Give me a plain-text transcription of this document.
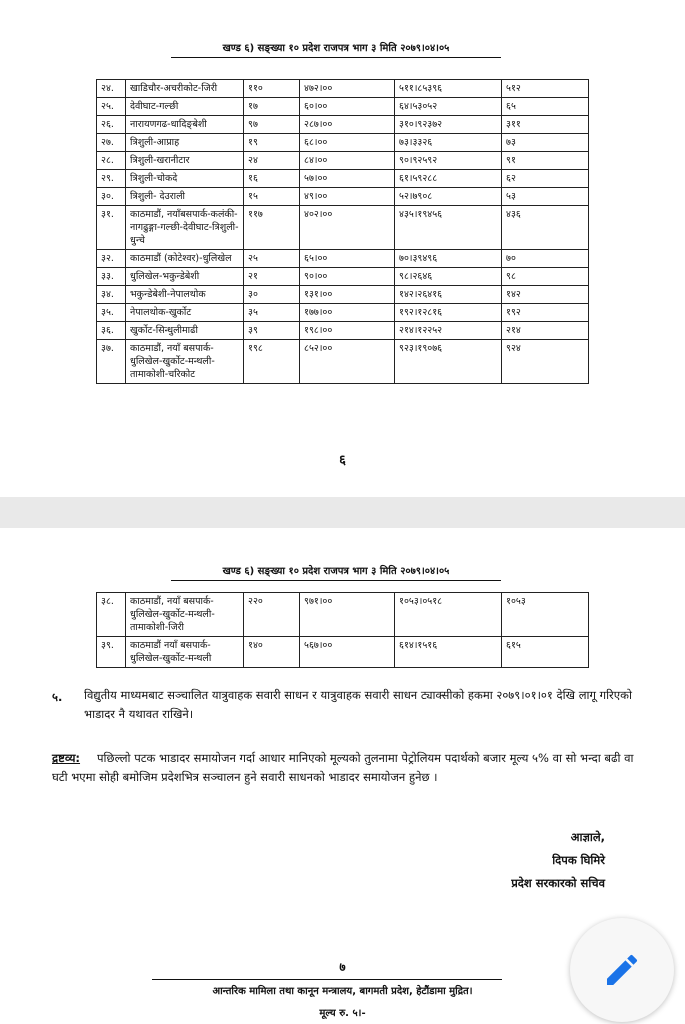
खण्ड ६) सङ्ख्या १० प्रदेश राजपत्र भाग ३ मिति २०७९।०४।०५
२४.	खाडिचौर-अचरीकोट-जिरी	११०	४७२।००	५११।८५३९६	५१२
२५.	देवीघाट-गल्छी	१७	६०।००	६४।५३०५२	६५
२६.	नारायणगढ-धादिङ्बेशी	९७	२८७।००	३१०।९२३७२	३११
२७.	त्रिशुली-आप्राह	१९	६८।००	७३।३३२६	७३
२८.	त्रिशुली-खरानीटार	२४	८४।००	९०।९२५९२	९१
२९.	त्रिशुली-चोकदे	१६	५७।००	६१।५९२८८	६२
३०.	त्रिशुली- देउराली	१५	४९।००	५२।७९०८	५३
३१.	काठमाडौं, नयाँबसपार्क-कलंकी-नागढुङ्गा-गल्छी-देवीघाट-त्रिशुली-धुन्चे	११७	४०२।००	४३५।१९४५६	४३६
३२.	काठमाडौं (कोटेश्वर)-धुलिखेल	२५	६५।००	७०।३९४९६	७०
३३.	धुलिखेल-भकुन्डेबेशी	२१	९०।००	९८।२६४६	९८
३४.	भकुन्डेबेशी-नेपालथोक	३०	१३१।००	१४२।२६४१६	१४२
३५.	नेपालथोक-खुर्कोट	३५	१७७।००	१९२।१२८१६	१९२
३६.	खुर्कोट-सिन्धुलीमाढी	३९	१९८।००	२१४।१२२५२	२१४
३७.	काठमाडौं, नयाँ बसपार्क-धुलिखेल-खुर्कोट-मन्थली-तामाकोशी-चरिकोट	१९८	८५२।००	९२३।१९०७६	९२४
६
खण्ड ६) सङ्ख्या १० प्रदेश राजपत्र भाग ३ मिति २०७९।०४।०५
३८.	काठमाडौं, नयाँ बसपार्क-धुलिखेल-खुर्कोट-मन्थली-तामाकोशी-जिरी	२२०	९७१।००	१०५३।०५१८	१०५३
३९.	काठमाडौं नयाँ बसपार्क-धुलिखेल-खुर्कोट-मन्थली	१४०	५६७।००	६१४।१५१६	६१५
५. विद्युतीय माध्यमबाट सञ्चालित यात्रुवाहक सवारी साधन र यात्रुवाहक सवारी साधन ट्याक्सीको हकमा २०७९।०१।०१ देखि लागू गरिएको भाडादर नै यथावत राखिने।
पछिल्लो पटक भाडादर समायोजन गर्दा आधार मानिएको मूल्यको तुलनामा पेट्रोलियम पदार्थको बजार मूल्य ५% वा सो भन्दा बढी वा घटी भएमा सोही बमोजिम प्रदेशभित्र सञ्चालन हुने सवारी साधनको भाडादर समायोजन हुनेछ ।
द्रष्टव्य:
आज्ञाले,
दिपक घिमिरे
प्रदेश सरकारको सचिव
७
आन्तरिक मामिला तथा कानून मन्त्रालय, बागमती प्रदेश, हेटौंडामा मुद्रित।
मूल्य रु. ५।-
